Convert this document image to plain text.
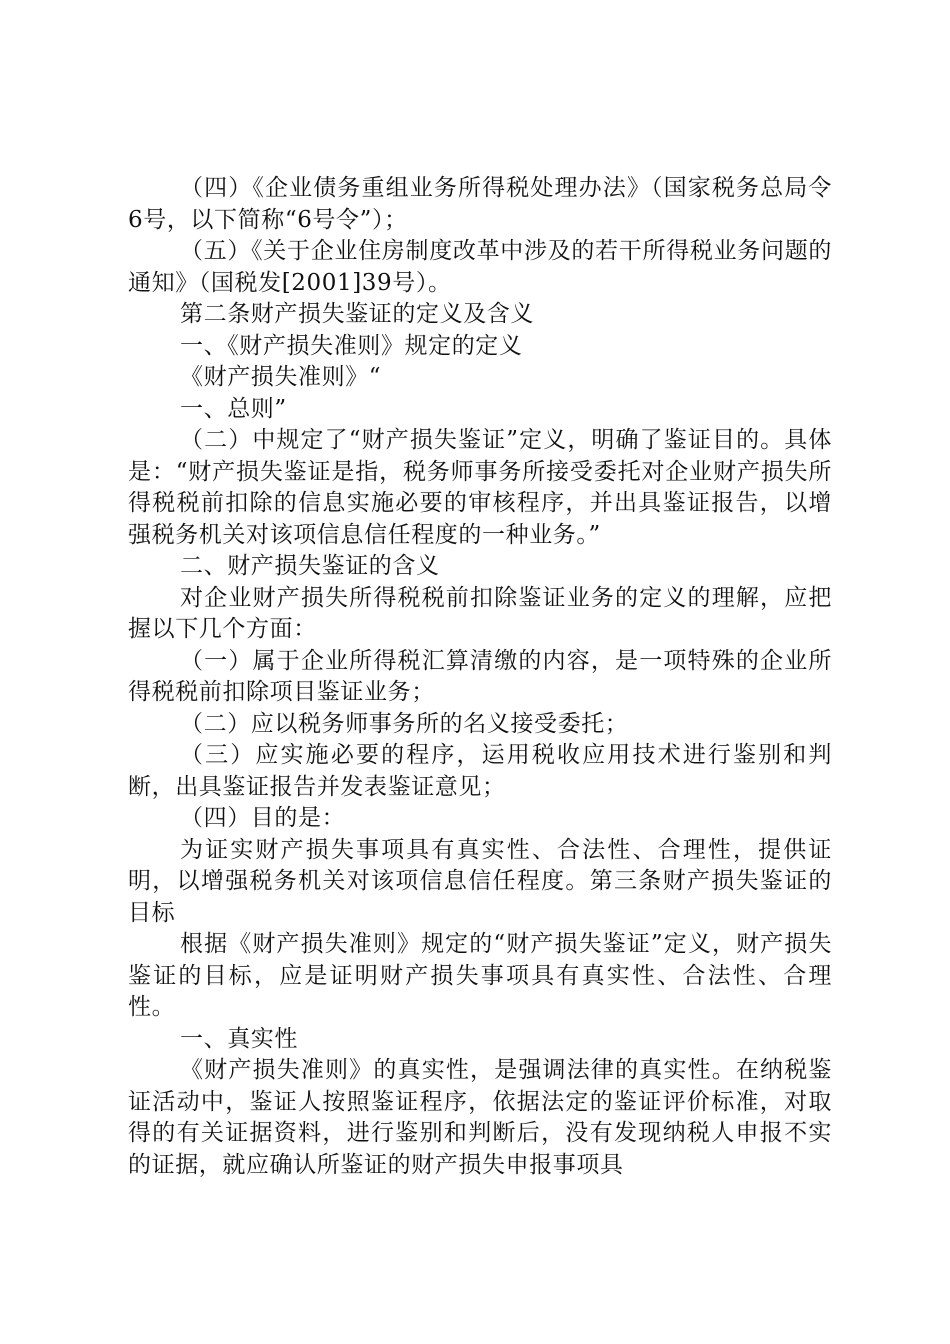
（四）《企业债务重组业务所得税处理办法》（国家税务总局令6号，以下简称“6号令”）；

（五）《关于企业住房制度改革中涉及的若干所得税业务问题的通知》（国税发[2001]39号）。

第二条财产损失鉴证的定义及含义

一、《财产损失准则》规定的定义

《财产损失准则》“

一、总则”

（二）中规定了“财产损失鉴证”定义，明确了鉴证目的。具体是：“财产损失鉴证是指，税务师事务所接受委托对企业财产损失所得税税前扣除的信息实施必要的审核程序，并出具鉴证报告，以增强税务机关对该项信息信任程度的一种业务。”

二、财产损失鉴证的含义

对企业财产损失所得税税前扣除鉴证业务的定义的理解，应把握以下几个方面：

（一）属于企业所得税汇算清缴的内容，是一项特殊的企业所得税税前扣除项目鉴证业务；

（二）应以税务师事务所的名义接受委托；

（三）应实施必要的程序，运用税收应用技术进行鉴别和判断，出具鉴证报告并发表鉴证意见；

（四）目的是：

为证实财产损失事项具有真实性、合法性、合理性，提供证明，以增强税务机关对该项信息信任程度。第三条财产损失鉴证的目标

根据《财产损失准则》规定的“财产损失鉴证”定义，财产损失鉴证的目标，应是证明财产损失事项具有真实性、合法性、合理性。

一、真实性

《财产损失准则》的真实性，是强调法律的真实性。在纳税鉴证活动中，鉴证人按照鉴证程序，依据法定的鉴证评价标准，对取得的有关证据资料，进行鉴别和判断后，没有发现纳税人申报不实的证据，就应确认所鉴证的财产损失申报事项具
